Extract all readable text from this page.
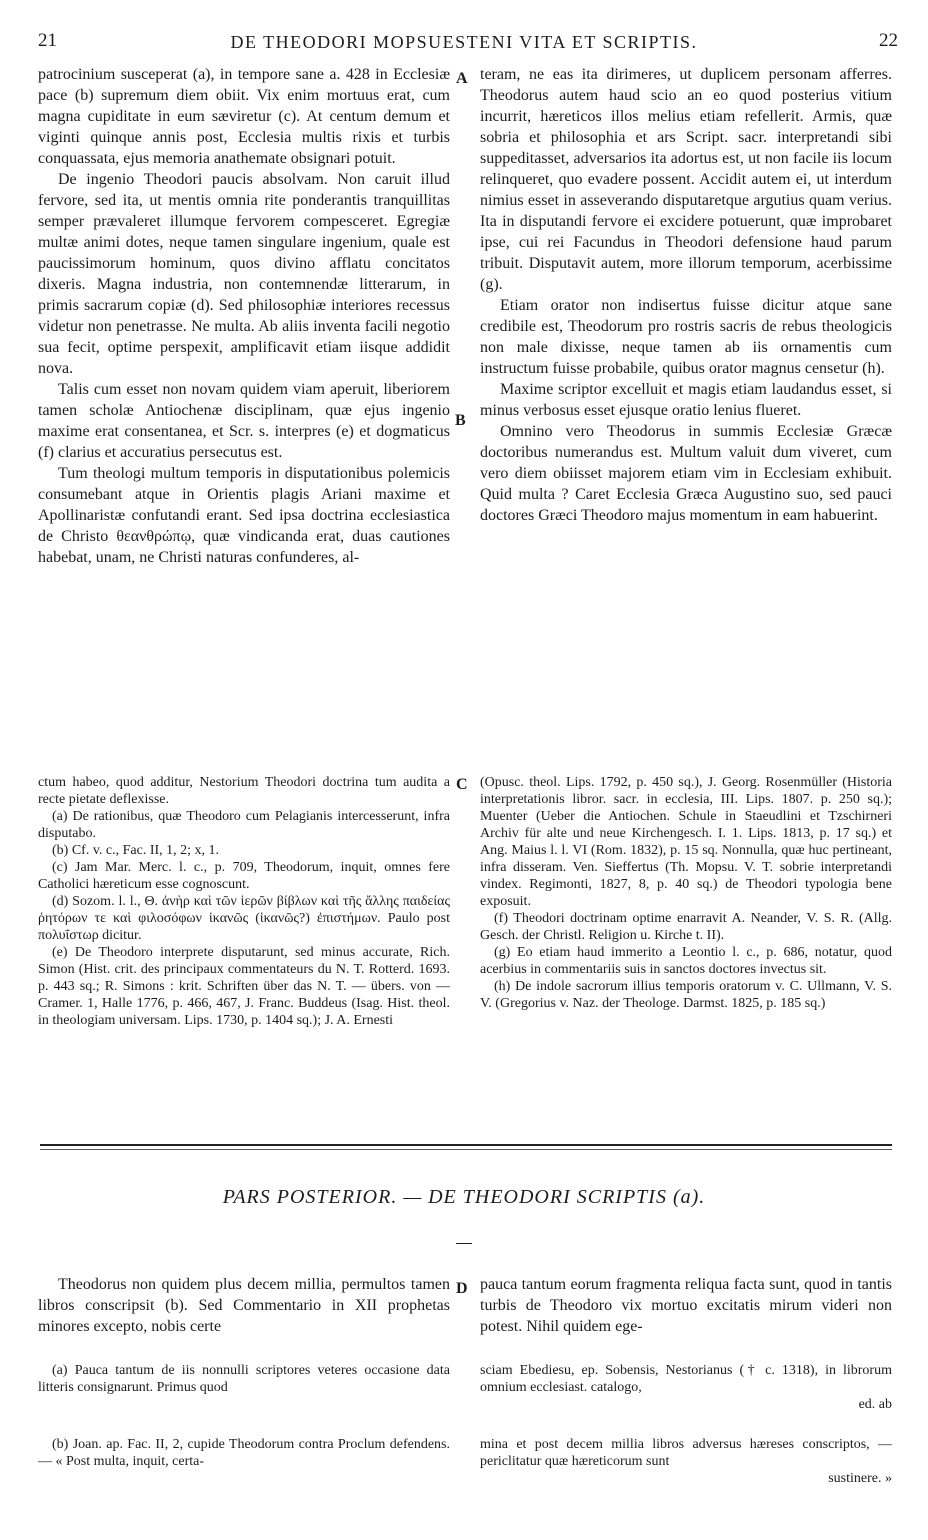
21	DE THEODORI MOPSUESTENI VITA ET SCRIPTIS.	22
A
B
C
D

patrocinium susceperat (a), in tempore sane a. 428 in Ecclesiæ pace (b) supremum diem obiit. Vix enim mortuus erat, cum magna cupiditate in eum sæviretur (c). At centum demum et viginti quinque annis post, Ecclesia multis rixis et turbis conquassata, ejus memoria anathemate obsignari potuit.

De ingenio Theodori paucis absolvam. Non caruit illud fervore, sed ita, ut mentis omnia rite ponderantis tranquillitas semper prævaleret illumque fervorem compesceret. Egregiæ multæ animi dotes, neque tamen singulare ingenium, quale est paucissimorum hominum, quos divino afflatu concitatos dixeris. Magna industria, non contemnendæ litterarum, in primis sacrarum copiæ (d). Sed philosophiæ interiores recessus videtur non penetrasse. Ne multa. Ab aliis inventa facili negotio sua fecit, optime perspexit, amplificavit etiam iisque addidit nova.

Talis cum esset non novam quidem viam aperuit, liberiorem tamen scholæ Antiochenæ disciplinam, quæ ejus ingenio maxime erat consentanea, et Scr. s. interpres (e) et dogmaticus (f) clarius et accuratius persecutus est.

Tum theologi multum temporis in disputationibus polemicis consumebant atque in Orientis plagis Ariani maxime et Apollinaristæ confutandi erant. Sed ipsa doctrina ecclesiastica de Christo θεανθρώπῳ, quæ vindicanda erat, duas cautiones habebat, unam, ne Christi naturas confunderes, al-

teram, ne eas ita dirimeres, ut duplicem personam afferres. Theodorus autem haud scio an eo quod posterius vitium incurrit, hæreticos illos melius etiam refellerit. Armis, quæ sobria et philosophia et ars Script. sacr. interpretandi sibi suppeditasset, adversarios ita adortus est, ut non facile iis locum relinqueret, quo evadere possent. Accidit autem ei, ut interdum nimius esset in asseverando disputaretque argutius quam verius. Ita in disputandi fervore ei excidere potuerunt, quæ improbaret ipse, cui rei Facundus in Theodori defensione haud parum tribuit. Disputavit autem, more illorum temporum, acerbissime (g).

Etiam orator non indisertus fuisse dicitur atque sane credibile est, Theodorum pro rostris sacris de rebus theologicis non male dixisse, neque tamen ab iis ornamentis cum instructum fuisse probabile, quibus orator magnus censetur (h).

Maxime scriptor excelluit et magis etiam laudandus esset, si minus verbosus esset ejusque oratio lenius flueret.

Omnino vero Theodorus in summis Ecclesiæ Græcæ doctoribus numerandus est. Multum valuit dum viveret, cum vero diem obiisset majorem etiam vim in Ecclesiam exhibuit. Quid multa ? Caret Ecclesia Græca Augustino suo, sed pauci doctores Græci Theodoro majus momentum in eam habuerint.

ctum habeo, quod additur, Nestorium Theodori doctrina tum audita a recte pietate deflexisse.

(a) De rationibus, quæ Theodoro cum Pelagianis intercesserunt, infra disputabo.

(b) Cf. v. c., Fac. II, 1, 2; x, 1.

(c) Jam Mar. Merc. l. c., p. 709, Theodorum, inquit, omnes fere Catholici hæreticum esse cognoscunt.

(d) Sozom. l. l., Θ. ἀνὴρ καὶ τῶν ἱερῶν βίβλων καὶ τῆς ἄλλης παιδείας ῥητόρων τε καὶ φιλοσόφων ἱκανῶς (ἱκανῶς?) ἐπιστήμων. Paulo post πολυΐστωρ dicitur.

(e) De Theodoro interprete disputarunt, sed minus accurate, Rich. Simon (Hist. crit. des principaux commentateurs du N. T. Rotterd. 1693. p. 443 sq.; R. Simons : krit. Schriften über das N. T. — übers. von — Cramer. 1, Halle 1776, p. 466, 467, J. Franc. Buddeus (Isag. Hist. theol. in theologiam universam. Lips. 1730, p. 1404 sq.); J. A. Ernesti

(Opusc. theol. Lips. 1792, p. 450 sq.), J. Georg. Rosenmüller (Historia interpretationis libror. sacr. in ecclesia, III. Lips. 1807. p. 250 sq.); Muenter (Ueber die Antiochen. Schule in Staeudlini et Tzschirneri Archiv für alte und neue Kirchengesch. I. 1. Lips. 1813, p. 17 sq.) et Ang. Maius l. l. VI (Rom. 1832), p. 15 sq. Nonnulla, quæ huc pertineant, infra disseram. Ven. Sieffertus (Th. Mopsu. V. T. sobrie interpretandi vindex. Regimonti, 1827, 8, p. 40 sq.) de Theodori typologia bene exposuit.

(f) Theodori doctrinam optime enarravit A. Neander, V. S. R. (Allg. Gesch. der Christl. Religion u. Kirche t. II).

(g) Eo etiam haud immerito a Leontio l. c., p. 686, notatur, quod acerbius in commentariis suis in sanctos doctores invectus sit.

(h) De indole sacrorum illius temporis oratorum v. C. Ullmann, V. S. V. (Gregorius v. Naz. der Theologe. Darmst. 1825, p. 185 sq.)

PARS POSTERIOR. — DE THEODORI SCRIPTIS (a).

Theodorus non quidem plus decem millia, permultos tamen libros conscripsit (b). Sed Commentario in XII prophetas minores excepto, nobis certe

pauca tantum eorum fragmenta reliqua facta sunt, quod in tantis turbis de Theodoro vix mortuo excitatis mirum videri non potest. Nihil quidem ege-

(a) Pauca tantum de iis nonnulli scriptores veteres occasione data litteris consignarunt. Primus quod

sciam Ebediesu, ep. Sobensis, Nestorianus († c. 1318), in librorum omnium ecclesiast. catalogo,

ed. ab

(b) Joan. ap. Fac. II, 2, cupide Theodorum contra Proclum defendens. — « Post multa, inquit, certa-

mina et post decem millia libros adversus hæreses conscriptos, — periclitatur quæ hæreticorum sunt

sustinere. »
